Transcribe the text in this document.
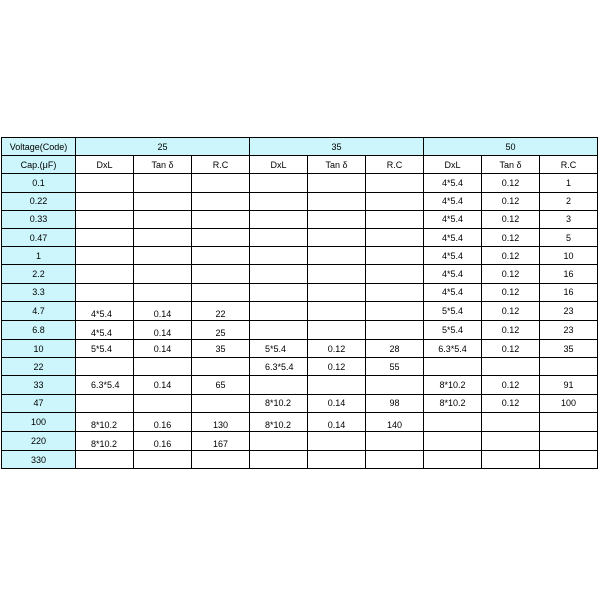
Voltage(Code)	25			35			50		
Cap.(μF)	DxL	Tan δ	R.C	DxL	Tan δ	R.C	DxL	Tan δ	R.C
0.1							4*5.4	0.12	1
0.22							4*5.4	0.12	2
0.33							4*5.4	0.12	3
0.47							4*5.4	0.12	5
1							4*5.4	0.12	10
2.2							4*5.4	0.12	16
3.3							4*5.4	0.12	16
4.7	4*5.4	0.14	22				5*5.4	0.12	23
6.8	4*5.4	0.14	25				5*5.4	0.12	23
10	5*5.4	0.14	35	5*5.4	0.12	28	6.3*5.4	0.12	35
22				6.3*5.4	0.12	55			
33	6.3*5.4	0.14	65				8*10.2	0.12	91
47				8*10.2	0.14	98	8*10.2	0.12	100
100	8*10.2	0.16	130	8*10.2	0.14	140			
220	8*10.2	0.16	167						
330									
